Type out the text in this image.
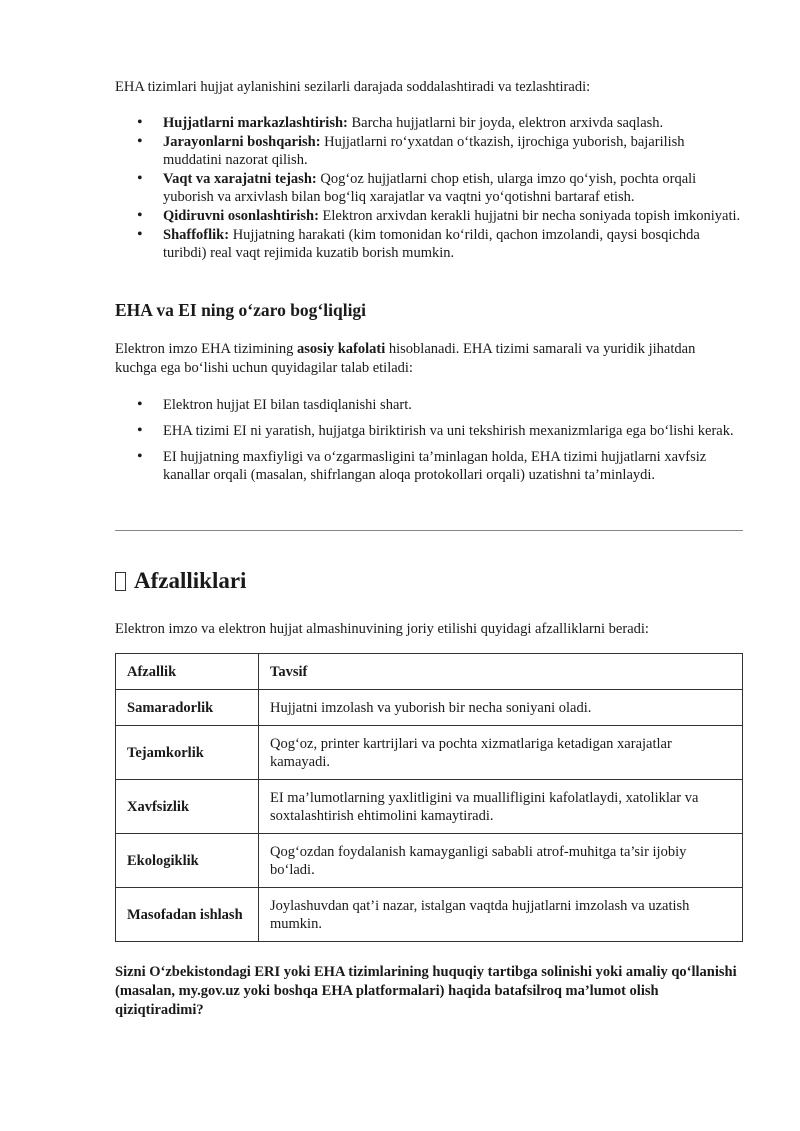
EHA tizimlari hujjat aylanishini sezilarli darajada soddalashtiradi va tezlashtiradi:

• Hujjatlarni markazlashtirish: Barcha hujjatlarni bir joyda, elektron arxivda saqlash.
• Jarayonlarni boshqarish: Hujjatlarni ro‘yxatdan o‘tkazish, ijrochiga yuborish, bajarilish muddatini nazorat qilish.
• Vaqt va xarajatni tejash: Qog‘oz hujjatlarni chop etish, ularga imzo qo‘yish, pochta orqali yuborish va arxivlash bilan bog‘liq xarajatlar va vaqtni yo‘qotishni bartaraf etish.
• Qidiruvni osonlashtirish: Elektron arxivdan kerakli hujjatni bir necha soniyada topish imkoniyati.
• Shaffoflik: Hujjatning harakati (kim tomonidan ko‘rildi, qachon imzolandi, qaysi bosqichda turibdi) real vaqt rejimida kuzatib borish mumkin.
EHA va EI ning o‘zaro bog‘liqligi

Elektron imzo EHA tizimining asosiy kafolati hisoblanadi. EHA tizimi samarali va yuridik jihatdan kuchga ega bo‘lishi uchun quyidagilar talab etiladi:

• Elektron hujjat EI bilan tasdiqlanishi shart.
• EHA tizimi EI ni yaratish, hujjatga biriktirish va uni tekshirish mexanizmlariga ega bo‘lishi kerak.
• EI hujjatning maxfiyligi va o‘zgarmasligini ta’minlagan holda, EHA tizimi hujjatlarni xavfsiz kanallar orqali (masalan, shifrlangan aloqa protokollari orqali) uzatishni ta’minlaydi.
Afzalliklari

Elektron imzo va elektron hujjat almashinuvining joriy etilishi quyidagi afzalliklarni beradi:

Afzallik	Tavsif
Samaradorlik	Hujjatni imzolash va yuborish bir necha soniyani oladi.
Tejamkorlik	Qog‘oz, printer kartrijlari va pochta xizmatlariga ketadigan xarajatlar kamayadi.
Xavfsizlik	EI ma’lumotlarning yaxlitligini va muallifligini kafolatlaydi, xatoliklar va soxtalashtirish ehtimolini kamaytiradi.
Ekologiklik	Qog‘ozdan foydalanish kamayganligi sababli atrof-muhitga ta’sir ijobiy bo‘ladi.
Masofadan ishlash	Joylashuvdan qat’i nazar, istalgan vaqtda hujjatlarni imzolash va uzatish mumkin.

Sizni O‘zbekistondagi ERI yoki EHA tizimlarining huquqiy tartibga solinishi yoki amaliy qo‘llanishi (masalan, my.gov.uz yoki boshqa EHA platformalari) haqida batafsilroq ma’lumot olish qiziqtiradimi?
